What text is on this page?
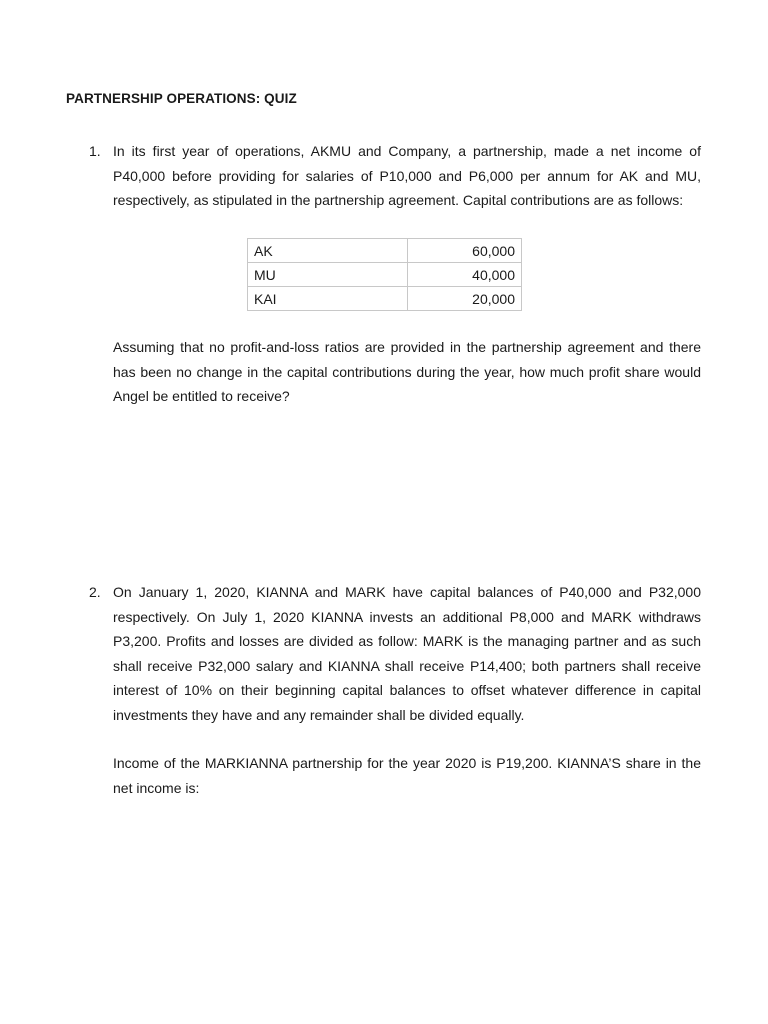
PARTNERSHIP OPERATIONS: QUIZ
1. In its first year of operations, AKMU and Company, a partnership, made a net income of P40,000 before providing for salaries of P10,000 and P6,000 per annum for AK and MU, respectively, as stipulated in the partnership agreement. Capital contributions are as follows:
AK	60,000
MU	40,000
KAI	20,000
Assuming that no profit-and-loss ratios are provided in the partnership agreement and there has been no change in the capital contributions during the year, how much profit share would Angel be entitled to receive?
2. On January 1, 2020, KIANNA and MARK have capital balances of P40,000 and P32,000 respectively. On July 1, 2020 KIANNA invests an additional P8,000 and MARK withdraws P3,200. Profits and losses are divided as follow: MARK is the managing partner and as such shall receive P32,000 salary and KIANNA shall receive P14,400; both partners shall receive interest of 10% on their beginning capital balances to offset whatever difference in capital investments they have and any remainder shall be divided equally.
Income of the MARKIANNA partnership for the year 2020 is P19,200. KIANNA’S share in the net income is:
